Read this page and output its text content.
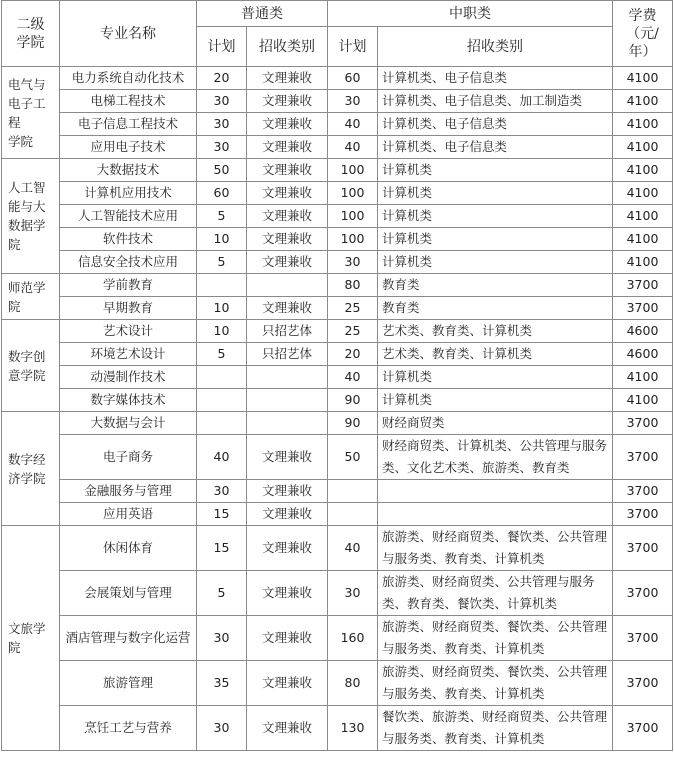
二级
学院	专业名称	普通类		中职类		学费
（元/
年）
		计划	招收类别	计划	招收类别	
电气与
电子工程
学院	电力系统自动化技术	20	文理兼收	60	计算机类、电子信息类	4100
	电梯工程技术	30	文理兼收	30	计算机类、电子信息类、加工制造类	4100
	电子信息工程技术	30	文理兼收	40	计算机类、电子信息类	4100
	应用电子技术	30	文理兼收	40	计算机类、电子信息类	4100
人工智
能与大
数据学
院	大数据技术	50	文理兼收	100	计算机类	4100
	计算机应用技术	60	文理兼收	100	计算机类	4100
	人工智能技术应用	5	文理兼收	100	计算机类	4100
	软件技术	10	文理兼收	100	计算机类	4100
	信息安全技术应用	5	文理兼收	30	计算机类	4100
师范学
院	学前教育			80	教育类	3700
	早期教育	10	文理兼收	25	教育类	3700
数字创
意学院	艺术设计	10	只招艺体	25	艺术类、教育类、计算机类	4600
	环境艺术设计	5	只招艺体	20	艺术类、教育类、计算机类	4600
	动漫制作技术			40	计算机类	4100
	数字媒体技术			90	计算机类	4100
数字经
济学院	大数据与会计			90	财经商贸类	3700
	电子商务	40	文理兼收	50	财经商贸类、计算机类、公共管理与服务类、文化艺术类、旅游类、教育类	3700
	金融服务与管理	30	文理兼收			3700
	应用英语	15	文理兼收			3700
文旅学
院	休闲体育	15	文理兼收	40	旅游类、财经商贸类、餐饮类、公共管理与服务类、教育类、计算机类	3700
	会展策划与管理	5	文理兼收	30	旅游类、财经商贸类、公共管理与服务类、教育类、餐饮类、计算机类	3700
	酒店管理与数字化运营	30	文理兼收	160	旅游类、财经商贸类、餐饮类、公共管理与服务类、教育类、计算机类	3700
	旅游管理	35	文理兼收	80	旅游类、财经商贸类、餐饮类、公共管理与服务类、教育类、计算机类	3700
	烹饪工艺与营养	30	文理兼收	130	餐饮类、旅游类、财经商贸类、公共管理与服务类、教育类、计算机类	3700
